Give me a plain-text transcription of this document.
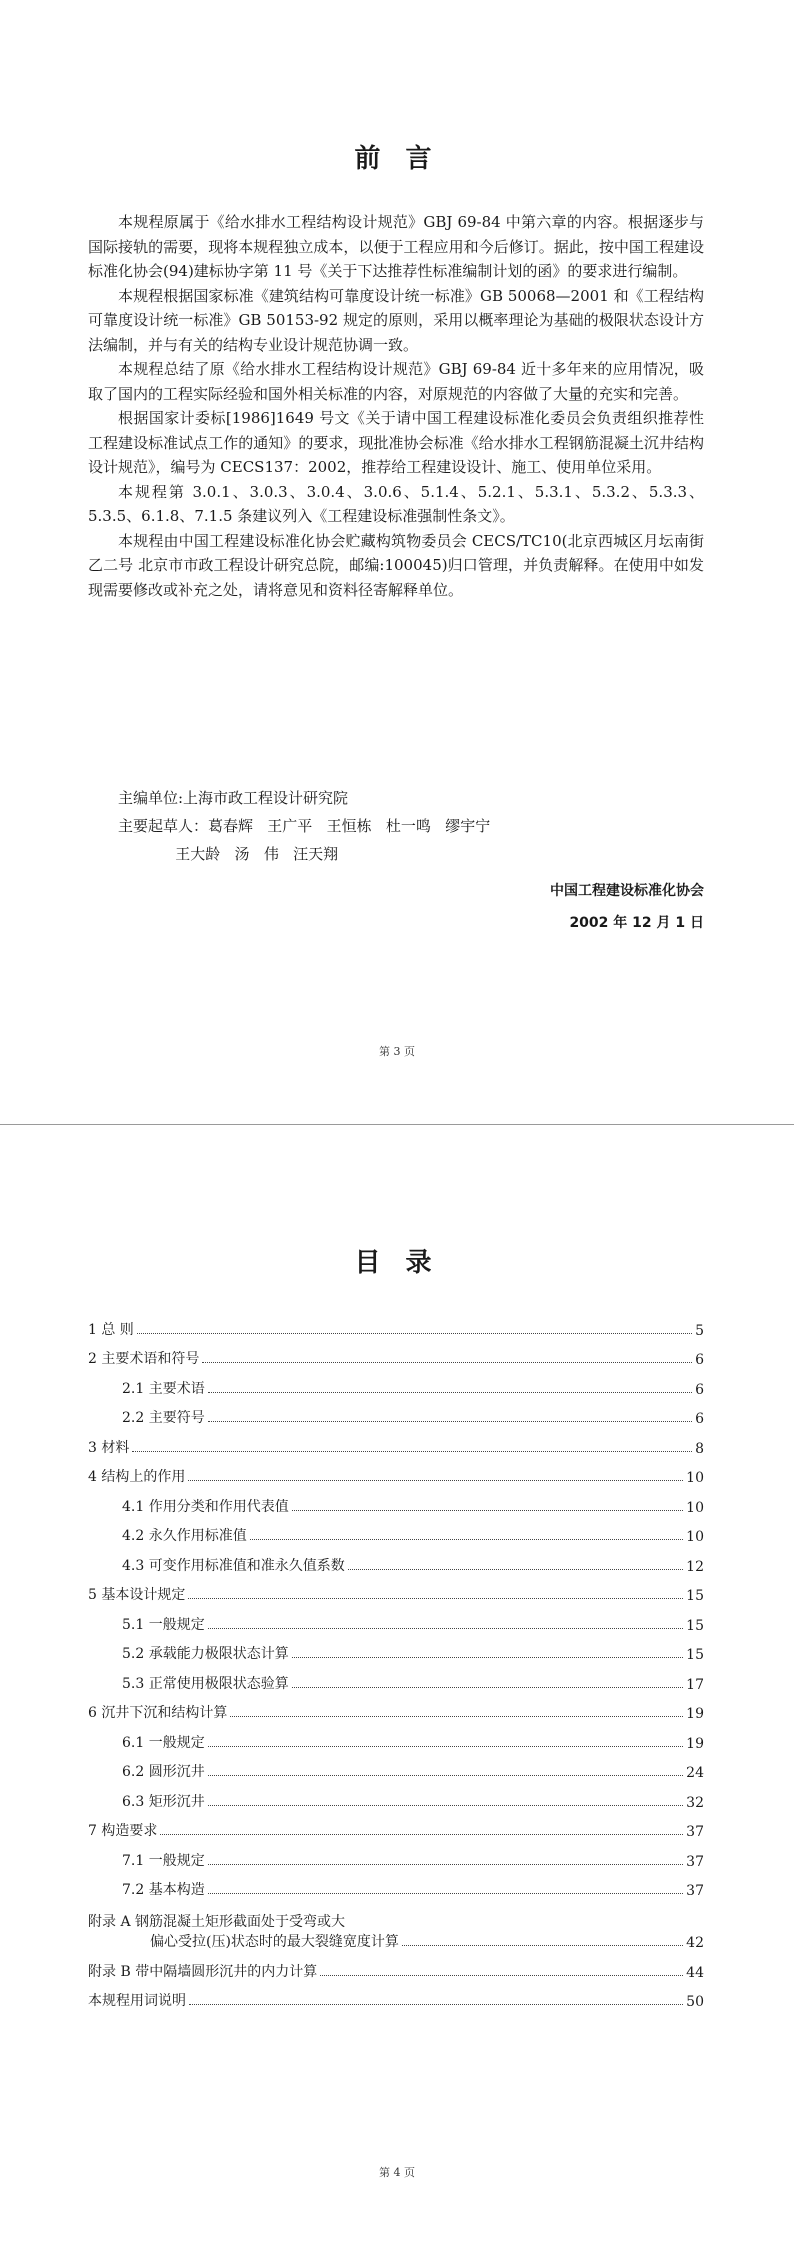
前 言

本规程原属于《给水排水工程结构设计规范》GBJ 69-84 中第六章的内容。根据逐步与国际接轨的需要，现将本规程独立成本，以便于工程应用和今后修订。据此，按中国工程建设标准化协会(94)建标协字第 11 号《关于下达推荐性标准编制计划的函》的要求进行编制。

本规程根据国家标准《建筑结构可靠度设计统一标准》GB 50068—2001 和《工程结构可靠度设计统一标准》GB 50153-92 规定的原则，采用以概率理论为基础的极限状态设计方法编制，并与有关的结构专业设计规范协调一致。

本规程总结了原《给水排水工程结构设计规范》GBJ 69-84 近十多年来的应用情况，吸取了国内的工程实际经验和国外相关标准的内容，对原规范的内容做了大量的充实和完善。

根据国家计委标[1986]1649 号文《关于请中国工程建设标准化委员会负责组织推荐性工程建设标准试点工作的通知》的要求，现批准协会标准《给水排水工程钢筋混凝土沉井结构设计规范》，编号为 CECS137：2002，推荐给工程建设设计、施工、使用单位采用。

本规程第 3.0.1、3.0.3、3.0.4、3.0.6、5.1.4、5.2.1、5.3.1、5.3.2、5.3.3、5.3.5、6.1.8、7.1.5 条建议列入《工程建设标准强制性条文》。

本规程由中国工程建设标准化协会贮藏构筑物委员会 CECS/TC10(北京西城区月坛南街乙二号 北京市市政工程设计研究总院，邮编:100045)归口管理，并负责解释。在使用中如发现需要修改或补充之处，请将意见和资料径寄解释单位。

主编单位:上海市政工程设计研究院
主要起草人：葛春辉   王广平   王恒栋   杜一鸣   缪宇宁
王大龄   汤   伟   汪天翔
中国工程建设标准化协会
2002 年 12 月 1 日
第 3 页
目 录
1 总 则	5
2 主要术语和符号	6
2.1 主要术语	6
2.2 主要符号	6
3 材料	8
4 结构上的作用	10
4.1 作用分类和作用代表值	10
4.2 永久作用标准值	10
4.3 可变作用标准值和准永久值系数	12
5 基本设计规定	15
5.1 一般规定	15
5.2 承载能力极限状态计算	15
5.3 正常使用极限状态验算	17
6 沉井下沉和结构计算	19
6.1 一般规定	19
6.2 圆形沉井	24
6.3 矩形沉井	32
7 构造要求	37
7.1 一般规定	37
7.2 基本构造	37
附录 A 钢筋混凝土矩形截面处于受弯或大
偏心受拉(压)状态时的最大裂缝宽度计算	42
附录 B 带中隔墙圆形沉井的内力计算	44
本规程用词说明	50
第 4 页
